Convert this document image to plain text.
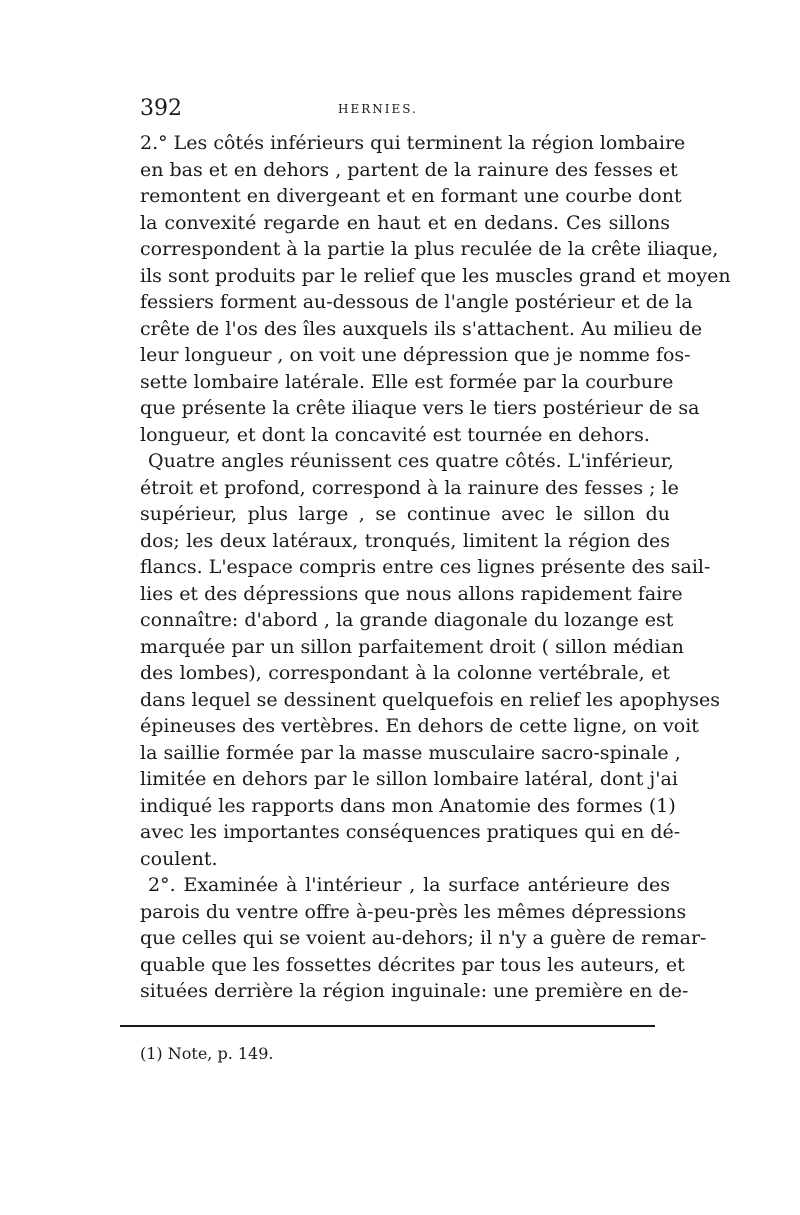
392	HERNIES.
2.° Les côtés inférieurs qui terminent la région lombaire
en bas et en dehors , partent de la rainure des fesses et
remontent en divergeant et en formant une courbe dont
la convexité regarde en haut et en dedans. Ces sillons
correspondent à la partie la plus reculée de la crête iliaque,
ils sont produits par le relief que les muscles grand et moyen
fessiers forment au-dessous de l'angle postérieur et de la
crête de l'os des îles auxquels ils s'attachent. Au milieu de
leur longueur , on voit une dépression que je nomme fos-
sette lombaire latérale. Elle est formée par la courbure
que présente la crête iliaque vers le tiers postérieur de sa
longueur, et dont la concavité est tournée en dehors.
Quatre angles réunissent ces quatre côtés. L'inférieur,
étroit et profond, correspond à la rainure des fesses ; le
supérieur, plus large , se continue avec le sillon du
dos; les deux latéraux, tronqués, limitent la région des
flancs. L'espace compris entre ces lignes présente des sail-
lies et des dépressions que nous allons rapidement faire
connaître: d'abord , la grande diagonale du lozange est
marquée par un sillon parfaitement droit ( sillon médian
des lombes), correspondant à la colonne vertébrale, et
dans lequel se dessinent quelquefois en relief les apophyses
épineuses des vertèbres. En dehors de cette ligne, on voit
la saillie formée par la masse musculaire sacro-spinale ,
limitée en dehors par le sillon lombaire latéral, dont j'ai
indiqué les rapports dans mon Anatomie des formes (1)
avec les importantes conséquences pratiques qui en dé-
coulent.
2°. Examinée à l'intérieur , la surface antérieure des
parois du ventre offre à-peu-près les mêmes dépressions
que celles qui se voient au-dehors; il n'y a guère de remar-
quable que les fossettes décrites par tous les auteurs, et
situées derrière la région inguinale: une première en de-
(1) Note, p. 149.
